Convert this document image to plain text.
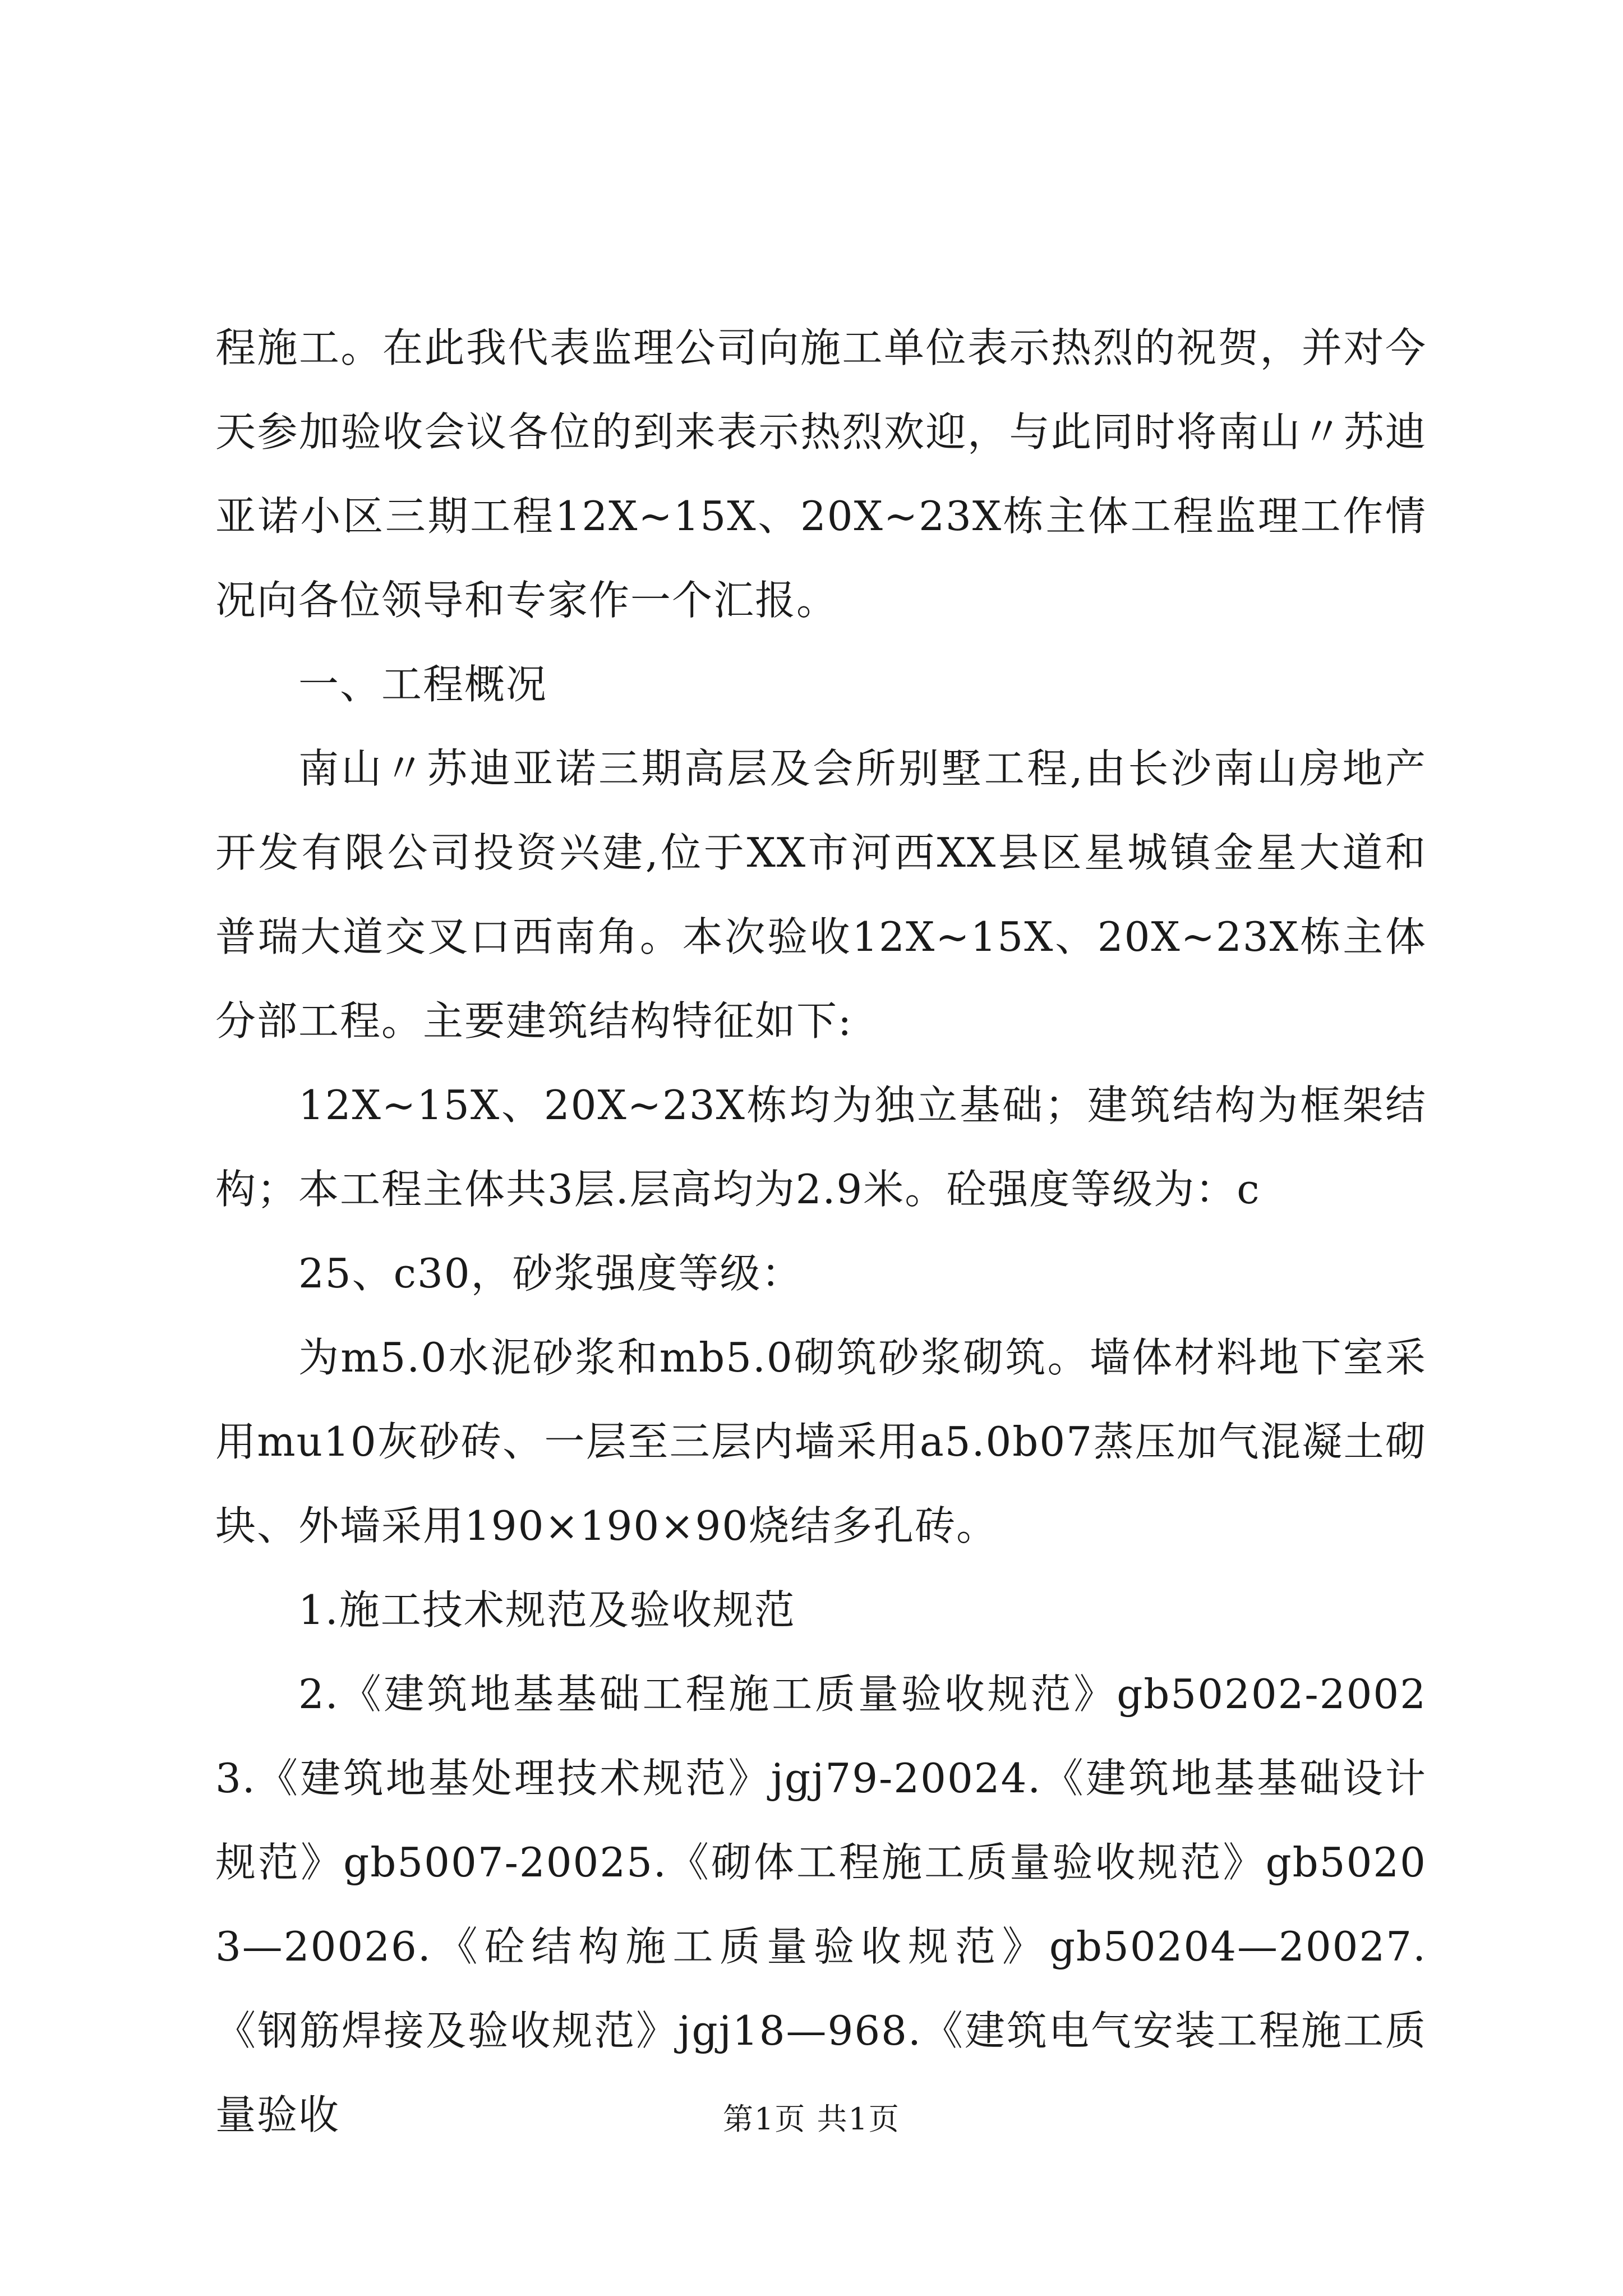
程施工。在此我代表监理公司向施工单位表示热烈的祝贺，并对今天参加验收会议各位的到来表示热烈欢迎，与此同时将南山〃苏迪亚诺小区三期工程12X~15X、20X~23X栋主体工程监理工作情况向各位领导和专家作一个汇报。

一、工程概况

南山〃苏迪亚诺三期高层及会所别墅工程,由长沙南山房地产开发有限公司投资兴建,位于XX市河西XX县区星城镇金星大道和普瑞大道交叉口西南角。本次验收12X~15X、20X~23X栋主体分部工程。主要建筑结构特征如下:

12X~15X、20X~23X栋均为独立基础；建筑结构为框架结构；本工程主体共3层.层高均为2.9米。砼强度等级为：c

25、c30，砂浆强度等级：

为m5.0水泥砂浆和mb5.0砌筑砂浆砌筑。墙体材料地下室采用mu10灰砂砖、一层至三层内墙采用a5.0b07蒸压加气混凝土砌块、外墙采用190×190×90烧结多孔砖。

1.施工技术规范及验收规范

2.《建筑地基基础工程施工质量验收规范》gb50202-20023.《建筑地基处理技术规范》jgj79-20024.《建筑地基基础设计规范》gb5007-20025.《砌体工程施工质量验收规范》gb50203—20026.《砼结构施工质量验收规范》gb50204—20027.《钢筋焊接及验收规范》jgj18—968.《建筑电气安装工程施工质量验收	第1页 共1页
